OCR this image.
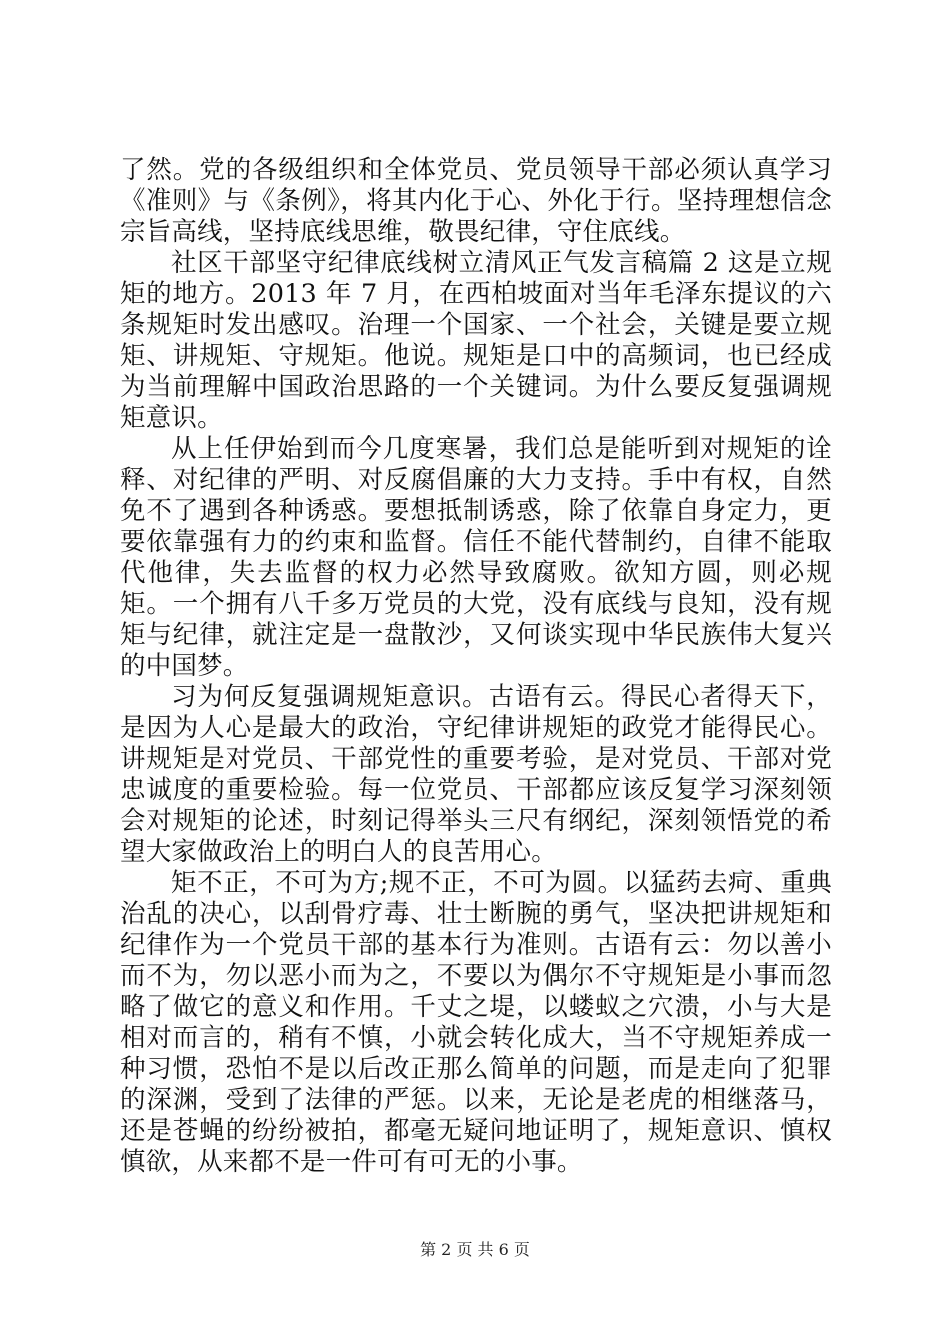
了然。党的各级组织和全体党员、党员领导干部必须认真学习《准则》与《条例》，将其内化于心、外化于行。坚持理想信念宗旨高线，坚持底线思维，敬畏纪律，守住底线。

社区干部坚守纪律底线树立清风正气发言稿篇 2 这是立规矩的地方。2013 年 7 月，在西柏坡面对当年毛泽东提议的六条规矩时发出感叹。治理一个国家、一个社会，关键是要立规矩、讲规矩、守规矩。他说。规矩是口中的高频词，也已经成为当前理解中国政治思路的一个关键词。为什么要反复强调规矩意识。

从上任伊始到而今几度寒暑，我们总是能听到对规矩的诠释、对纪律的严明、对反腐倡廉的大力支持。手中有权，自然免不了遇到各种诱惑。要想抵制诱惑，除了依靠自身定力，更要依靠强有力的约束和监督。信任不能代替制约，自律不能取代他律，失去监督的权力必然导致腐败。欲知方圆，则必规矩。一个拥有八千多万党员的大党，没有底线与良知，没有规矩与纪律，就注定是一盘散沙，又何谈实现中华民族伟大复兴的中国梦。

习为何反复强调规矩意识。古语有云。得民心者得天下，是因为人心是最大的政治，守纪律讲规矩的政党才能得民心。讲规矩是对党员、干部党性的重要考验，是对党员、干部对党忠诚度的重要检验。每一位党员、干部都应该反复学习深刻领会对规矩的论述，时刻记得举头三尺有纲纪，深刻领悟党的希望大家做政治上的明白人的良苦用心。

矩不正，不可为方;规不正，不可为圆。以猛药去疴、重典治乱的决心，以刮骨疗毒、壮士断腕的勇气，坚决把讲规矩和纪律作为一个党员干部的基本行为准则。古语有云：勿以善小而不为，勿以恶小而为之，不要以为偶尔不守规矩是小事而忽略了做它的意义和作用。千丈之堤，以蝼蚁之穴溃，小与大是相对而言的，稍有不慎，小就会转化成大，当不守规矩养成一种习惯，恐怕不是以后改正那么简单的问题，而是走向了犯罪的深渊，受到了法律的严惩。以来，无论是老虎的相继落马，还是苍蝇的纷纷被拍，都毫无疑问地证明了，规矩意识、慎权慎欲，从来都不是一件可有可无的小事。

第 2 页 共 6 页
